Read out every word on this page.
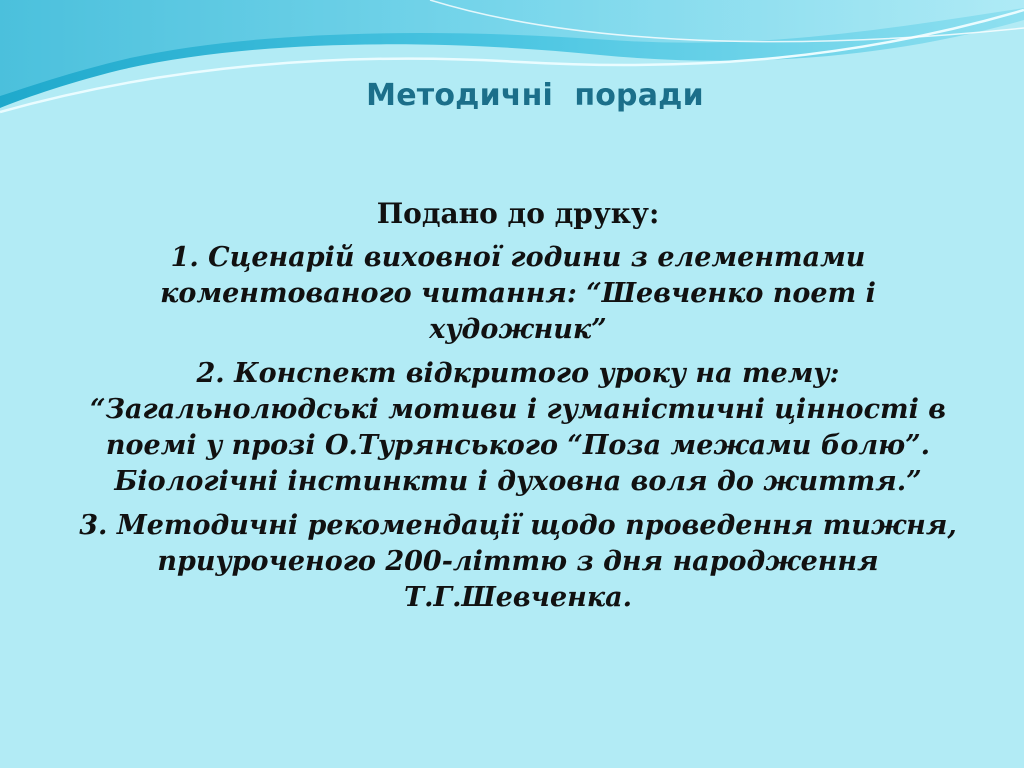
Методичні  поради
Подано до друку:
1. Сценарій виховної години з елементами коментованого читання: “Шевченко поет і художник”
2. Конспект відкритого уроку на тему: “Загальнолюдські мотиви і гуманістичні цінності в поемі у прозі О.Турянського “Поза межами болю”. Біологічні інстинкти і духовна воля до життя.”
3. Методичні рекомендації щодо проведення тижня, приуроченого 200-літтю з дня народження Т.Г.Шевченка.
